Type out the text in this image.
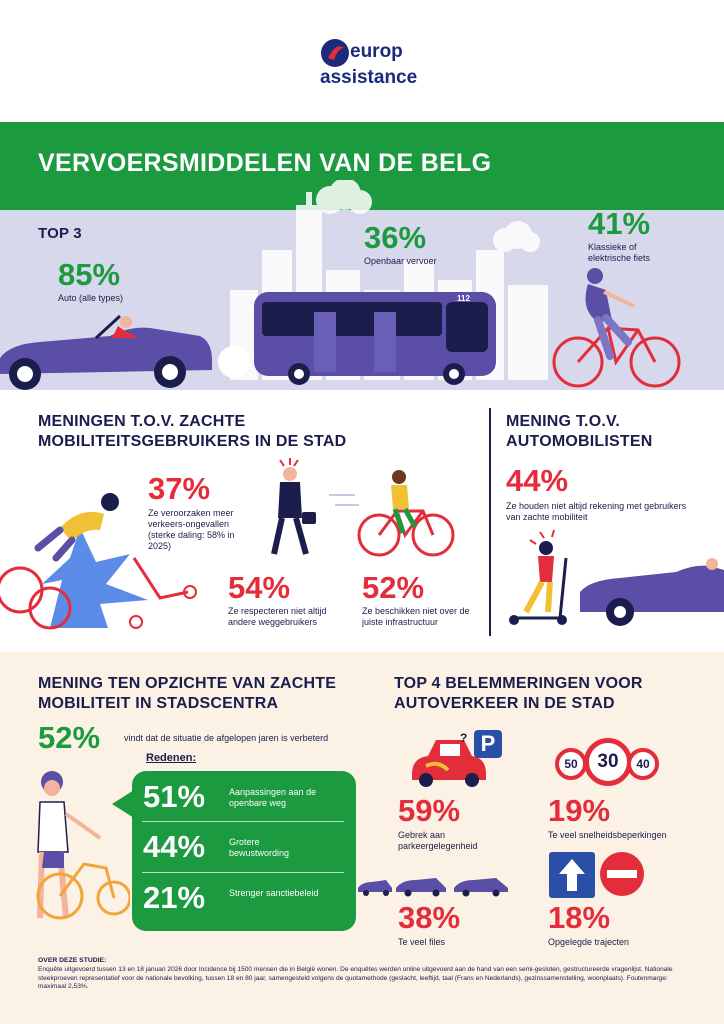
europ
assistance
VERVOERSMIDDELEN VAN DE BELG
TOP 3
85%
Auto (alle types)
36%
Openbaar vervoer
41%
Klassieke of elektrische fiets
112
MENINGEN T.O.V. ZACHTE
MOBILITEITSGEBRUIKERS IN DE STAD
37%
Ze veroorzaken meer verkeers-ongevallen (sterke daling: 58% in 2025)
54%
Ze respecteren niet altijd andere weggebruikers
52%
Ze beschikken niet over de juiste infrastructuur
MENING T.O.V.
AUTOMOBILISTEN
44%
Ze houden niet altijd rekening met gebruikers van zachte mobiliteit
MENING TEN OPZICHTE VAN ZACHTE
MOBILITEIT IN STADSCENTRA
52%	vindt dat de situatie de afgelopen jaren is verbeterd
Redenen:
51%	Aanpassingen aan de openbare weg
44%	Grotere bewustwording
21%	Strenger sanctiebeleid
TOP 4 BELEMMERINGEN VOOR
AUTOVERKEER IN DE STAD
? P
59%
Gebrek aan parkeergelegenheid
50	30	40
19%
Te veel snelheidsbeperkingen
38%
Te veel files
18%
Opgelegde trajecten
OVER DEZE STUDIE:
Enquête uitgevoerd tussen 13 en 18 januari 2026 door Incidence bij 1500 mensen die in België wonen. De enquêtes werden online uitgevoerd aan de hand van een semi-gesloten, gestructureerde vragenlijst. Nationale steekproeven representatief voor de nationale bevolking, tussen 18 en 80 jaar, samengesteld volgens de quotamethode (geslacht, leeftijd, taal (Frans en Nederlands), gezinssamenstelling, woonplaats). Foutenmarge: maximaal 2,53%.
